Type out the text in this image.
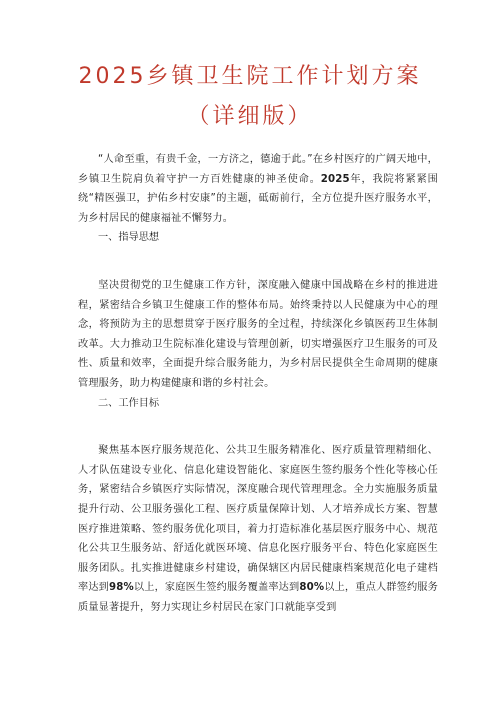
2025乡镇卫生院工作计划方案
（详细版）

“人命至重，有贵千金，一方济之，德逾于此。”在乡村医疗的广阔天地中，乡镇卫生院肩负着守护一方百姓健康的神圣使命。2025年，我院将紧紧围绕“精医强卫，护佑乡村安康”的主题，砥砺前行，全方位提升医疗服务水平，为乡村居民的健康福祉不懈努力。

一、指导思想

坚决贯彻党的卫生健康工作方针，深度融入健康中国战略在乡村的推进进程，紧密结合乡镇卫生健康工作的整体布局。始终秉持以人民健康为中心的理念，将预防为主的思想贯穿于医疗服务的全过程，持续深化乡镇医药卫生体制改革。大力推动卫生院标准化建设与管理创新，切实增强医疗卫生服务的可及性、质量和效率，全面提升综合服务能力，为乡村居民提供全生命周期的健康管理服务，助力构建健康和谐的乡村社会。

二、工作目标

聚焦基本医疗服务规范化、公共卫生服务精准化、医疗质量管理精细化、人才队伍建设专业化、信息化建设智能化、家庭医生签约服务个性化等核心任务，紧密结合乡镇医疗实际情况，深度融合现代管理理念。全力实施服务质量提升行动、公卫服务强化工程、医疗质量保障计划、人才培养成长方案、智慧医疗推进策略、签约服务优化项目，着力打造标准化基层医疗服务中心、规范化公共卫生服务站、舒适化就医环境、信息化医疗服务平台、特色化家庭医生服务团队。扎实推进健康乡村建设，确保辖区内居民健康档案规范化电子建档率达到98%以上，家庭医生签约服务覆盖率达到80%以上，重点人群签约服务质量显著提升，努力实现让乡村居民在家门口就能享受到
